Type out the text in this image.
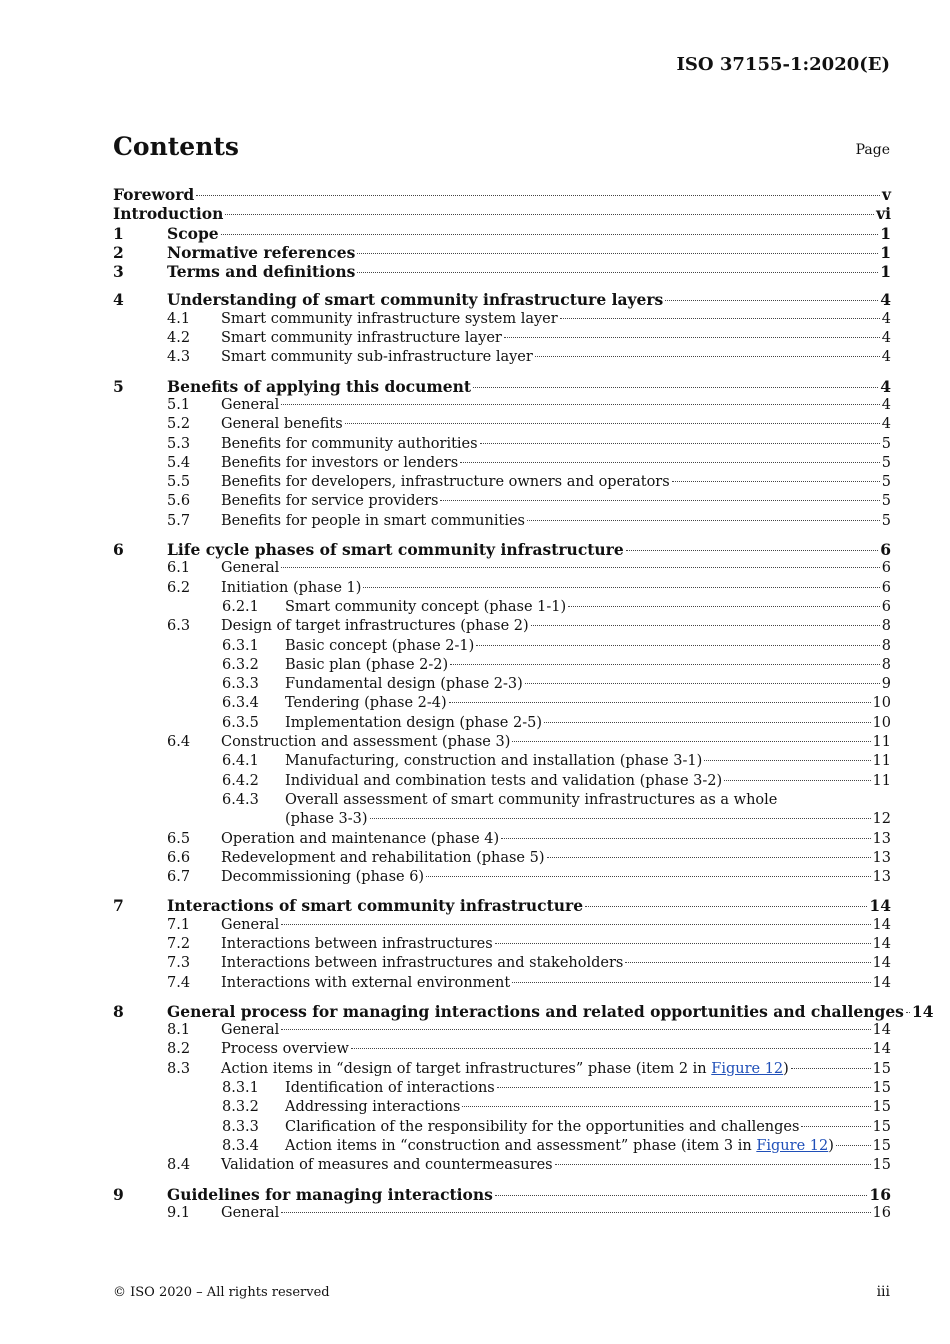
ISO 37155-1:2020(E)
Contents	Page
Foreword	v
Introduction	vi
1	Scope	1
2	Normative references	1
3	Terms and definitions	1
4	Understanding of smart community infrastructure layers	4
4.1	Smart community infrastructure system layer	4
4.2	Smart community infrastructure layer	4
4.3	Smart community sub-infrastructure layer	4
5	Benefits of applying this document	4
5.1	General	4
5.2	General benefits	4
5.3	Benefits for community authorities	5
5.4	Benefits for investors or lenders	5
5.5	Benefits for developers, infrastructure owners and operators	5
5.6	Benefits for service providers	5
5.7	Benefits for people in smart communities	5
6	Life cycle phases of smart community infrastructure	6
6.1	General	6
6.2	Initiation (phase 1)	6
6.2.1	Smart community concept (phase 1-1)	6
6.3	Design of target infrastructures (phase 2)	8
6.3.1	Basic concept (phase 2-1)	8
6.3.2	Basic plan (phase 2-2)	8
6.3.3	Fundamental design (phase 2-3)	9
6.3.4	Tendering (phase 2-4)	10
6.3.5	Implementation design (phase 2-5)	10
6.4	Construction and assessment (phase 3)	11
6.4.1	Manufacturing, construction and installation (phase 3-1)	11
6.4.2	Individual and combination tests and validation (phase 3-2)	11
6.4.3	Overall assessment of smart community infrastructures as a whole
(phase 3-3)	12
6.5	Operation and maintenance (phase 4)	13
6.6	Redevelopment and rehabilitation (phase 5)	13
6.7	Decommissioning (phase 6)	13
7	Interactions of smart community infrastructure	14
7.1	General	14
7.2	Interactions between infrastructures	14
7.3	Interactions between infrastructures and stakeholders	14
7.4	Interactions with external environment	14
8	General process for managing interactions and related opportunities and challenges 14
8.1	General	14
8.2	Process overview	14
8.3	Action items in “design of target infrastructures” phase (item 2 in Figure 12)	15
8.3.1	Identification of interactions	15
8.3.2	Addressing interactions	15
8.3.3	Clarification of the responsibility for the opportunities and challenges	15
8.3.4	Action items in “construction and assessment” phase (item 3 in Figure 12)	15
8.4	Validation of measures and countermeasures	15
9	Guidelines for managing interactions	16
9.1	General	16
© ISO 2020 – All rights reserved	iii
